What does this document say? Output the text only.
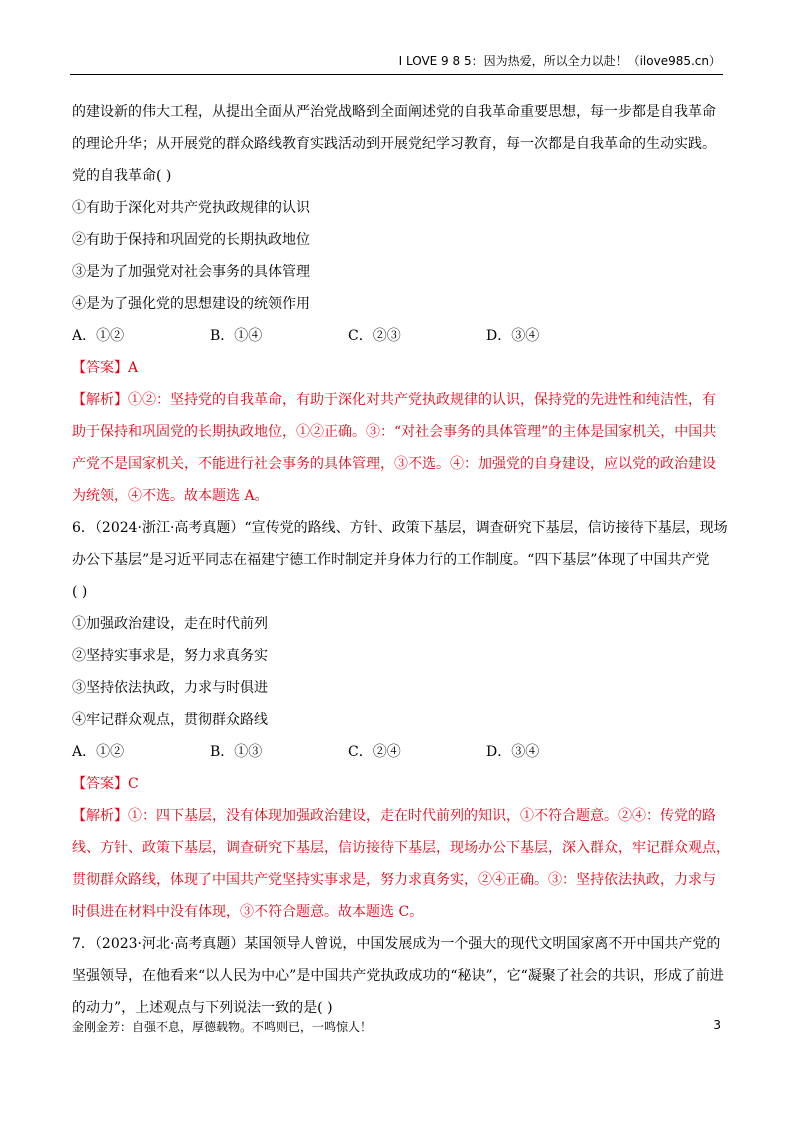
I LOVE 9 8 5：因为热爱，所以全力以赴！（ilove985.cn）
的建设新的伟大工程，从提出全面从严治党战略到全面阐述党的自我革命重要思想，每一步都是自我革命
的理论升华；从开展党的群众路线教育实践活动到开展党纪学习教育，每一次都是自我革命的生动实践。
党的自我革命( )
①有助于深化对共产党执政规律的认识
②有助于保持和巩固党的长期执政地位
③是为了加强党对社会事务的具体管理
④是为了强化党的思想建设的统领作用
A．①②	B．①④	C．②③	D．③④
【答案】A
【解析】①②：坚持党的自我革命，有助于深化对共产党执政规律的认识，保持党的先进性和纯洁性，有
助于保持和巩固党的长期执政地位，①②正确。③：“对社会事务的具体管理”的主体是国家机关，中国共
产党不是国家机关，不能进行社会事务的具体管理，③不选。④：加强党的自身建设，应以党的政治建设
为统领，④不选。故本题选 A。
6．（2024·浙江·高考真题）“宣传党的路线、方针、政策下基层，调查研究下基层，信访接待下基层，现场
办公下基层”是习近平同志在福建宁德工作时制定并身体力行的工作制度。“四下基层”体现了中国共产党
( )
①加强政治建设，走在时代前列
②坚持实事求是，努力求真务实
③坚持依法执政，力求与时俱进
④牢记群众观点，贯彻群众路线
A．①②	B．①③	C．②④	D．③④
【答案】C
【解析】①：四下基层，没有体现加强政治建设，走在时代前列的知识，①不符合题意。②④：传党的路
线、方针、政策下基层，调查研究下基层，信访接待下基层，现场办公下基层，深入群众，牢记群众观点，
贯彻群众路线，体现了中国共产党坚持实事求是，努力求真务实，②④正确。③：坚持依法执政，力求与
时俱进在材料中没有体现，③不符合题意。故本题选 C。
7．（2023·河北·高考真题）某国领导人曾说，中国发展成为一个强大的现代文明国家离不开中国共产党的
坚强领导，在他看来“以人民为中心”是中国共产党执政成功的“秘诀”，它“凝聚了社会的共识，形成了前进
的动力”，上述观点与下列说法一致的是( )
金刚金芳：自强不息，厚德载物。不鸣则已，一鸣惊人！	3
